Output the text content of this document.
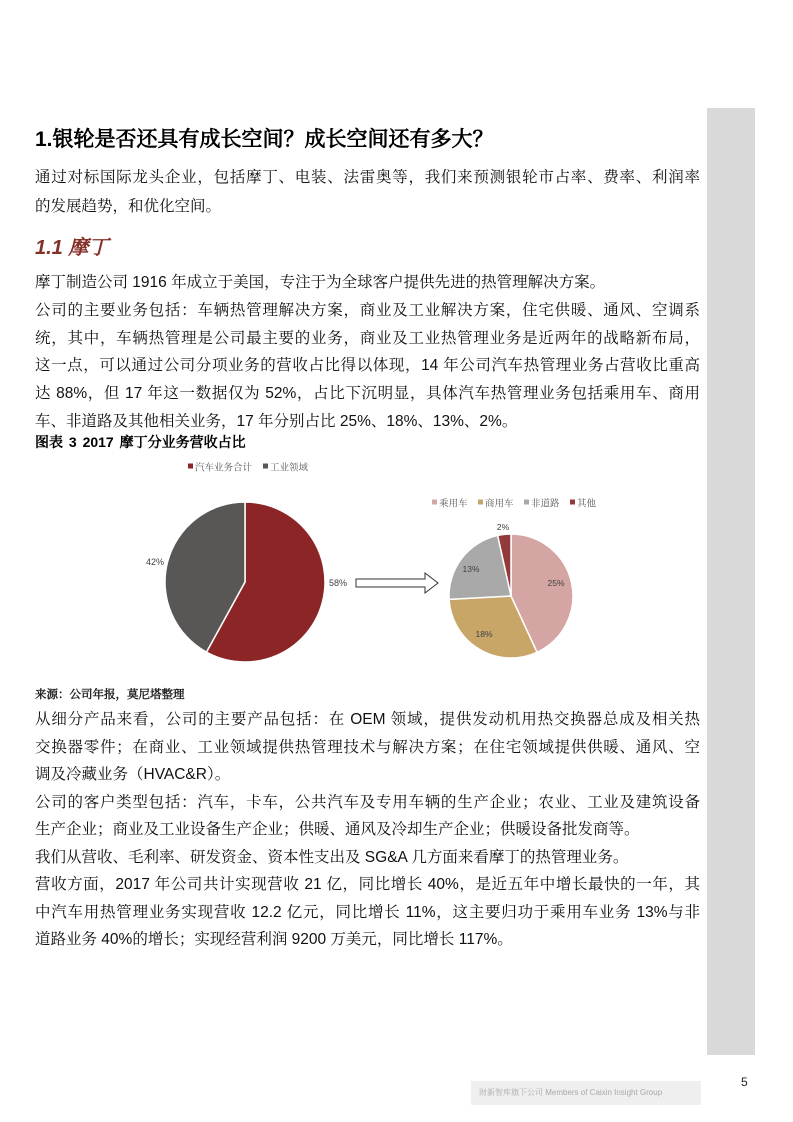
1.银轮是否还具有成长空间？成长空间还有多大？
通过对标国际龙头企业，包括摩丁、电装、法雷奥等，我们来预测银轮市占率、费率、利润率
的发展趋势，和优化空间。
1.1 摩丁
摩丁制造公司 1916 年成立于美国，专注于为全球客户提供先进的热管理解决方案。
公司的主要业务包括：车辆热管理解决方案，商业及工业解决方案，住宅供暖、通风、空调系
统，其中，车辆热管理是公司最主要的业务，商业及工业热管理业务是近两年的战略新布局，
这一点，可以通过公司分项业务的营收占比得以体现，14 年公司汽车热管理业务占营收比重高
达 88%，但 17 年这一数据仅为 52%，占比下沉明显，具体汽车热管理业务包括乘用车、商用
车、非道路及其他相关业务，17 年分别占比 25%、18%、13%、2%。
图表 3 2017 摩丁分业务营收占比
58%
42%
汽车业务合计 工业领域
25%
18%
13%
2%
乘用车 商用车 非道路 其他
来源：公司年报，莫尼塔整理
从细分产品来看，公司的主要产品包括：在 OEM 领域，提供发动机用热交换器总成及相关热
交换器零件；在商业、工业领域提供热管理技术与解决方案；在住宅领域提供供暖、通风、空
调及冷藏业务（HVAC&R）。
公司的客户类型包括：汽车，卡车，公共汽车及专用车辆的生产企业；农业、工业及建筑设备
生产企业；商业及工业设备生产企业；供暖、通风及冷却生产企业；供暖设备批发商等。
我们从营收、毛利率、研发资金、资本性支出及 SG&A 几方面来看摩丁的热管理业务。
营收方面，2017 年公司共计实现营收 21 亿，同比增长 40%，是近五年中增长最快的一年，其
中汽车用热管理业务实现营收 12.2 亿元，同比增长 11%，这主要归功于乘用车业务 13%与非
道路业务 40%的增长；实现经营利润 9200 万美元，同比增长 117%。
5
财新智库旗下公司 Members of Caixin Insight Group
